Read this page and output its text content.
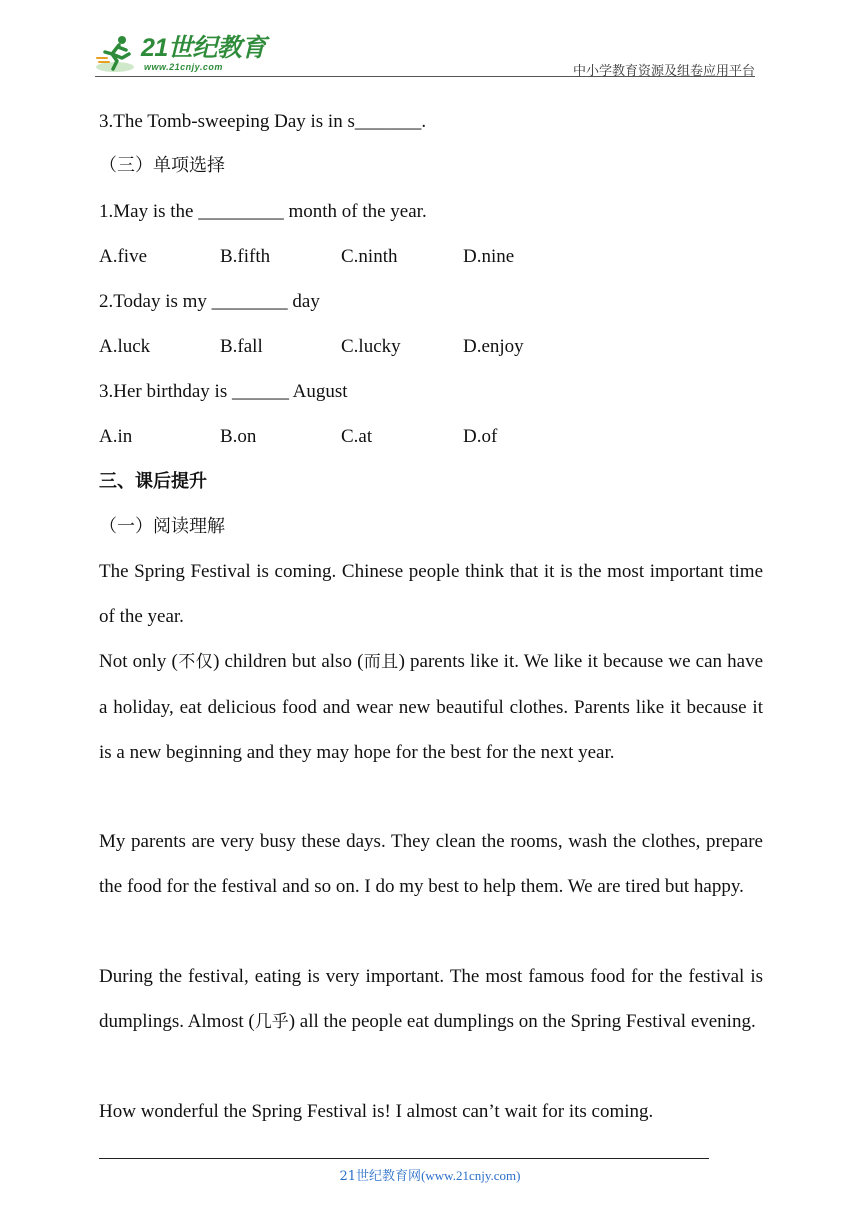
21世纪教育
www.21cnjy.com	中小学教育资源及组卷应用平台
3.The Tomb-sweeping Day is in s_______.
（三）单项选择
1.May is the _________ month of the year.
A.five	B.fifth	C.ninth	D.nine
2.Today is my ________ day
A.luck	B.fall	C.lucky	D.enjoy
3.Her birthday is ______ August
A.in	B.on	C.at	D.of
三、课后提升
（一）阅读理解
The Spring Festival is coming. Chinese people think that it is the most important time of the year.
Not only (不仅) children but also (而且) parents like it. We like it because we can have a holiday, eat delicious food and wear new beautiful clothes. Parents like it because it is a new beginning and they may hope for the best for the next year.
My parents are very busy these days. They clean the rooms, wash the clothes, prepare the food for the festival and so on. I do my best to help them. We are tired but happy.
During the festival, eating is very important. The most famous food for the festival is dumplings. Almost (几乎) all the people eat dumplings on the Spring Festival evening.
How wonderful the Spring Festival is! I almost can’t wait for its coming.
21世纪教育网(www.21cnjy.com)
